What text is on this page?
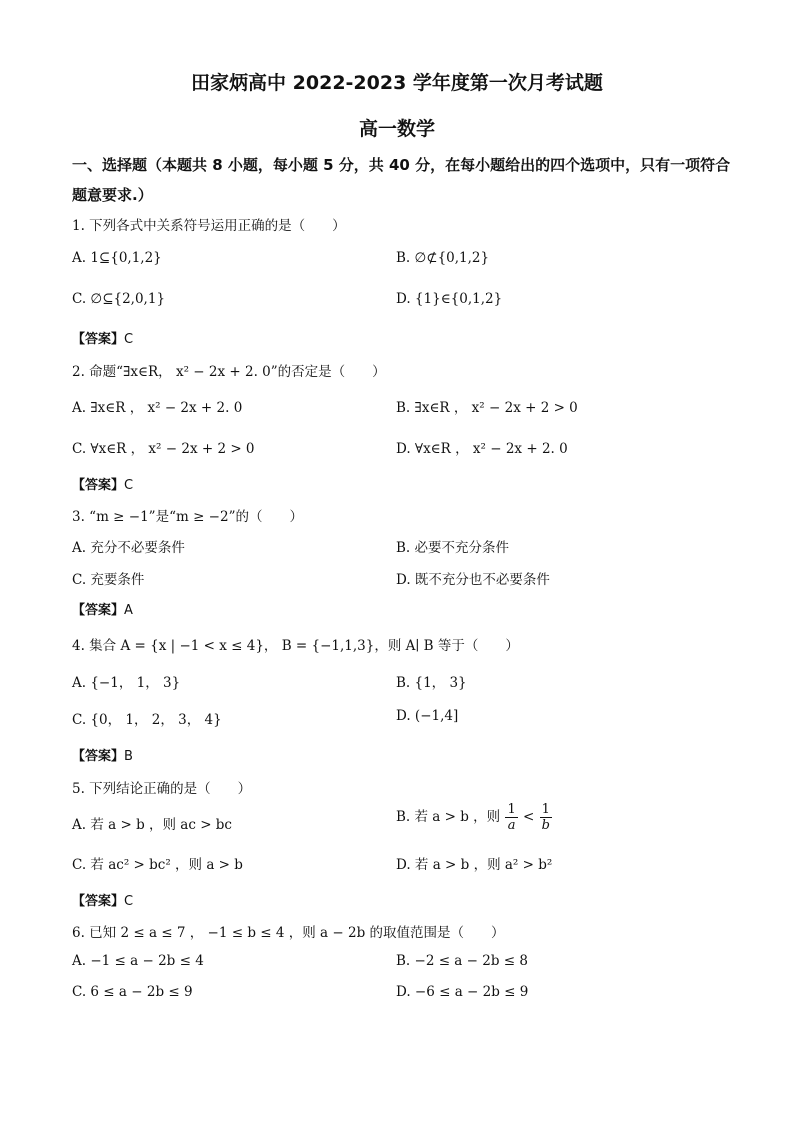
田家炳高中 2022-2023 学年度第一次月考试题
高一数学
一、选择题（本题共 8 小题，每小题 5 分，共 40 分，在每小题给出的四个选项中，只有一项符合题意要求.）
1. 下列各式中关系符号运用正确的是（　　）
A. 1⊆{0,1,2}	B. ∅⊄{0,1,2}
C. ∅⊆{2,0,1}	D. {1}∈{0,1,2}
【答案】C
2. 命题“∃x∈R， x² − 2x + 2. 0”的否定是（　　）
A. ∃x∈R ， x² − 2x + 2. 0	B. ∃x∈R ， x² − 2x + 2 > 0
C. ∀x∈R ， x² − 2x + 2 > 0	D. ∀x∈R ， x² − 2x + 2. 0
【答案】C
3. “m ≥ −1”是“m ≥ −2”的（　　）
A. 充分不必要条件	B. 必要不充分条件
C. 充要条件	D. 既不充分也不必要条件
【答案】A
4. 集合 A = {x | −1 < x ≤ 4}， B = {−1,1,3}，则 A∣ B 等于（　　）
A. {−1， 1， 3}	B. {1， 3}
C. {0， 1， 2， 3， 4}	D. (−1,4]
【答案】B
5. 下列结论正确的是（　　）
A. 若 a > b ，则 ac > bc	B. 若 a > b ，则 $\frac{1}{a} < \frac{1}{b}$
C. 若 ac² > bc² ，则 a > b	D. 若 a > b ，则 a² > b²
【答案】C
6. 已知 2 ≤ a ≤ 7 ， −1 ≤ b ≤ 4 ，则 a − 2b 的取值范围是（　　）
A. −1 ≤ a − 2b ≤ 4	B. −2 ≤ a − 2b ≤ 8
C. 6 ≤ a − 2b ≤ 9	D. −6 ≤ a − 2b ≤ 9
